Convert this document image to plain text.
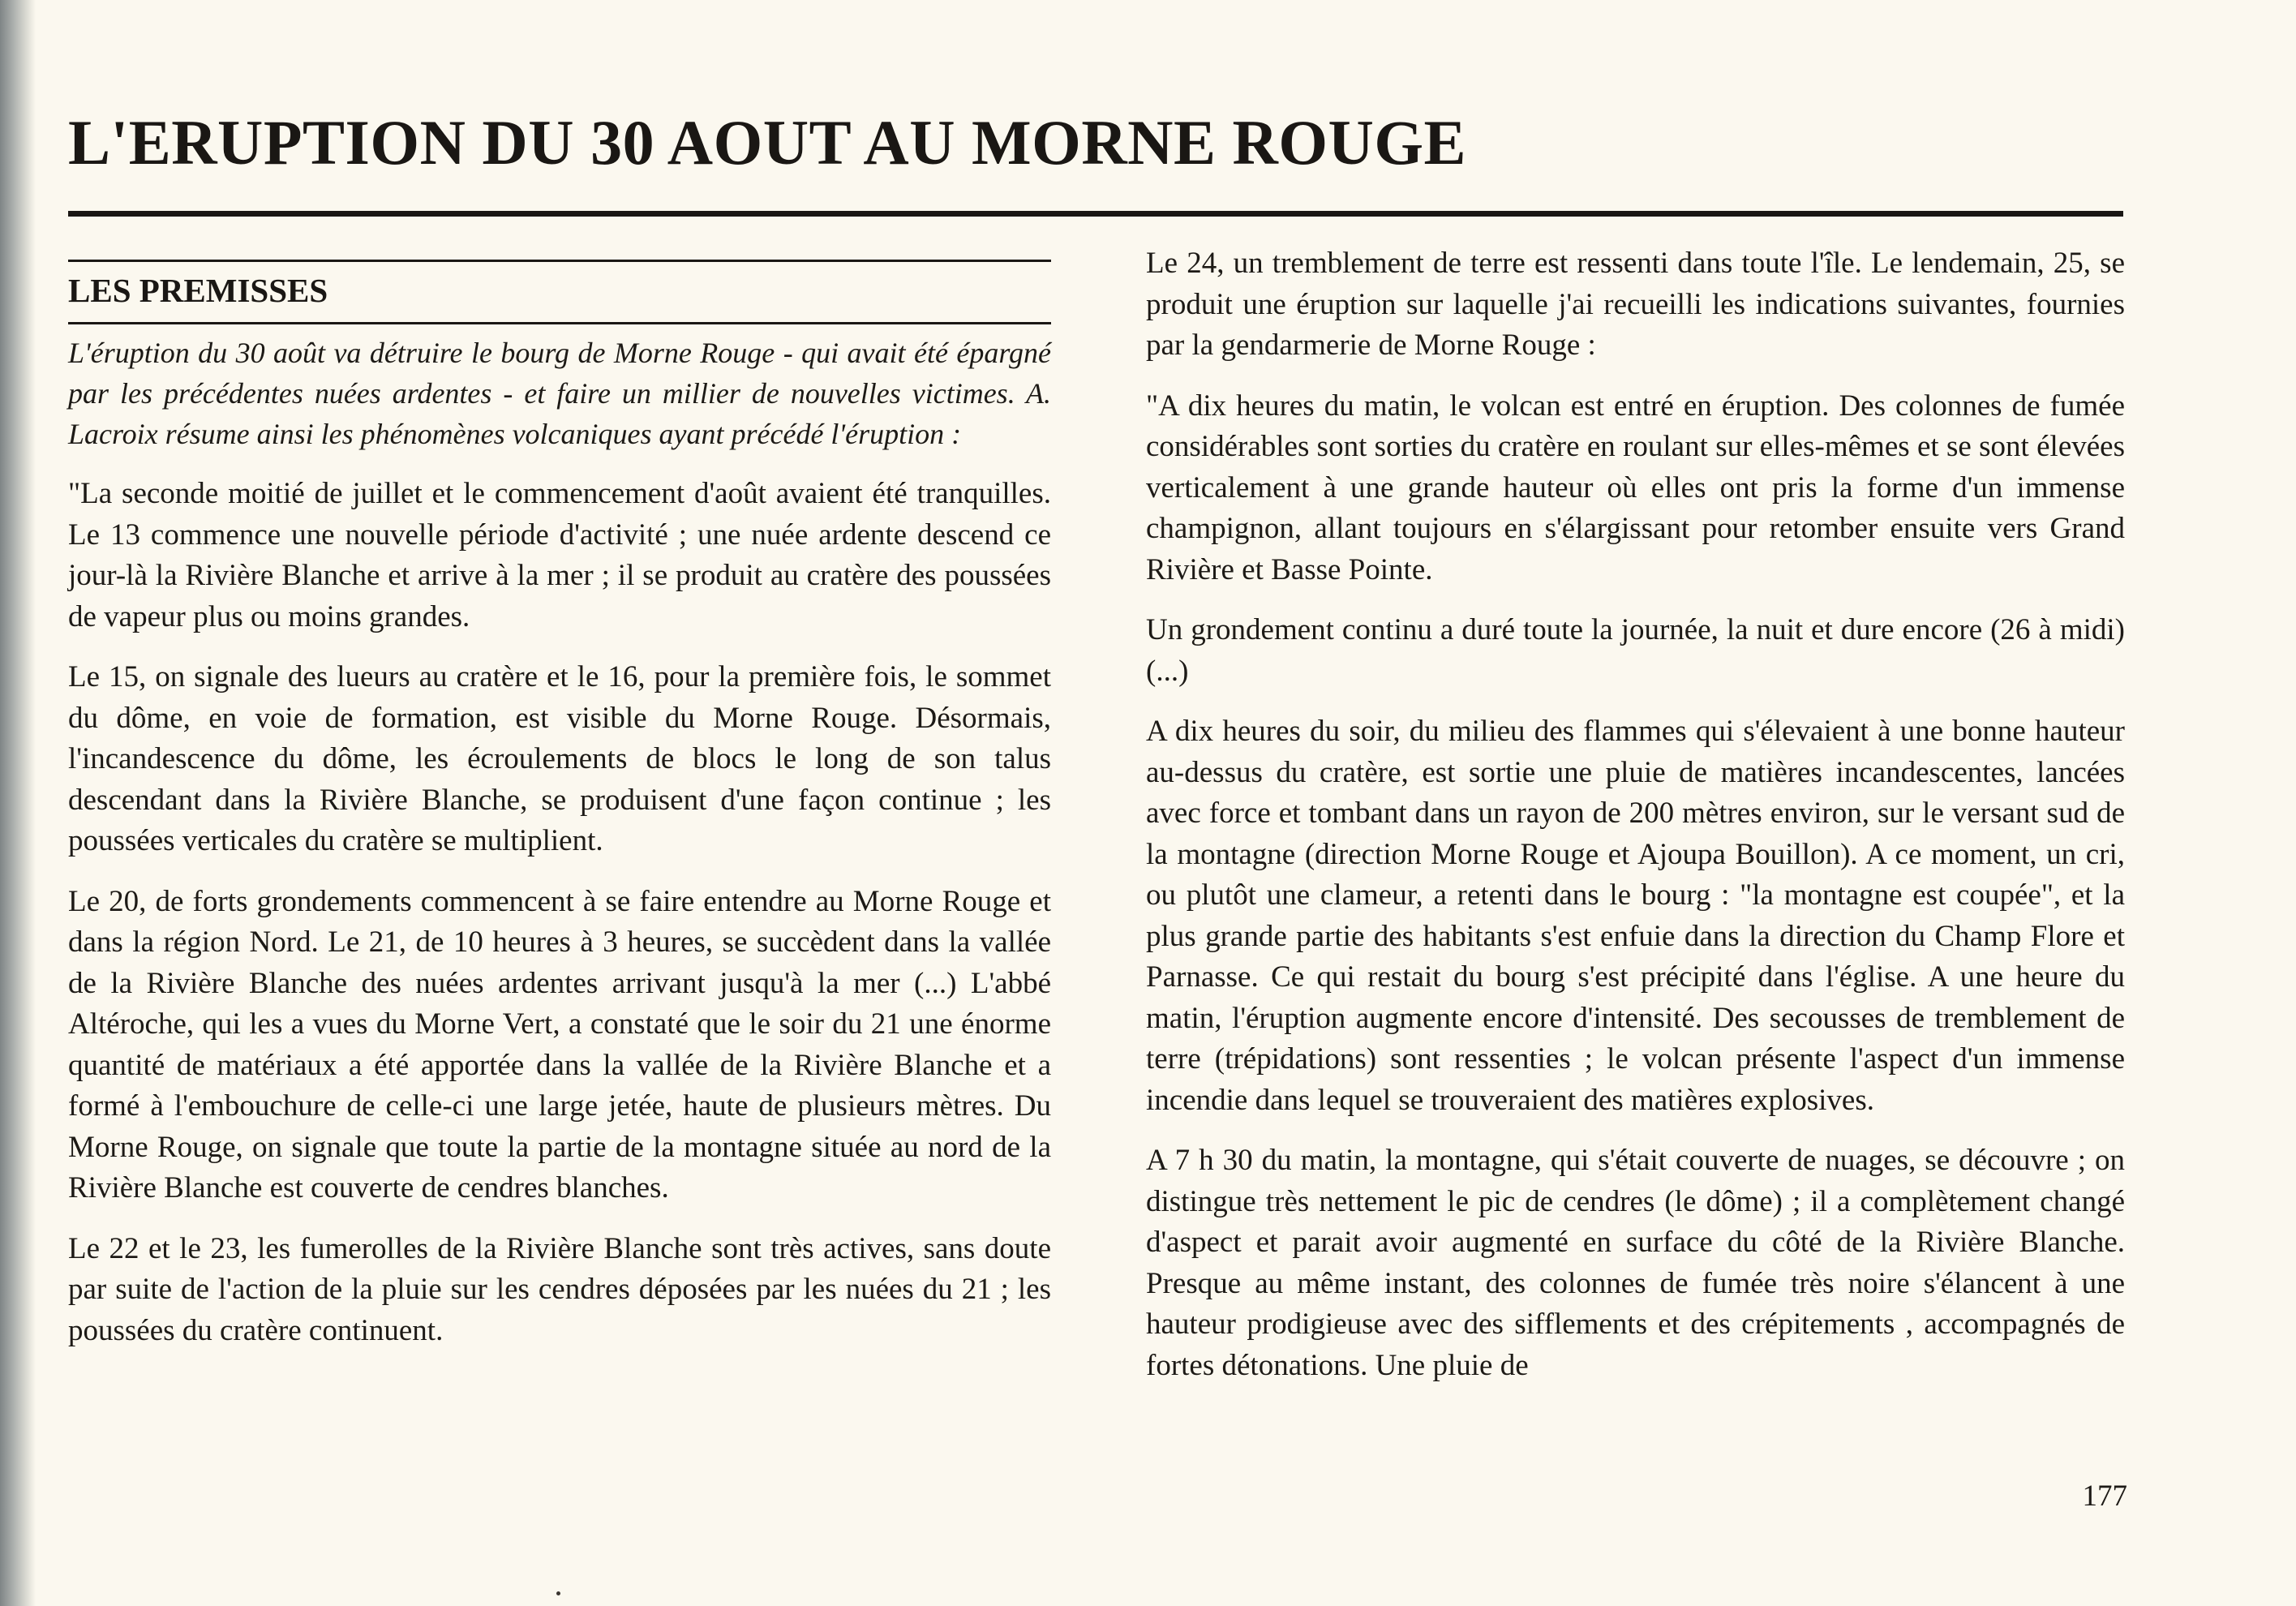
L'ERUPTION DU 30 AOUT AU MORNE ROUGE
LES PREMISSES

L'éruption du 30 août va détruire le bourg de Morne Rouge - qui avait été épargné par les précédentes nuées ardentes - et faire un millier de nouvelles victimes. A. Lacroix résume ainsi les phénomènes volcaniques ayant précédé l'éruption :

"La seconde moitié de juillet et le commencement d'août avaient été tranquilles. Le 13 commence une nouvelle période d'activité ; une nuée ardente descend ce jour-là la Rivière Blanche et arrive à la mer ; il se produit au cratère des poussées de vapeur plus ou moins grandes.

Le 15, on signale des lueurs au cratère et le 16, pour la première fois, le sommet du dôme, en voie de formation, est visible du Morne Rouge. Désormais, l'incandescence du dôme, les écroulements de blocs le long de son talus descendant dans la Rivière Blanche, se produisent d'une façon continue ; les poussées verticales du cratère se multiplient.

Le 20, de forts grondements commencent à se faire entendre au Morne Rouge et dans la région Nord. Le 21, de 10 heures à 3 heures, se succèdent dans la vallée de la Rivière Blanche des nuées ardentes arrivant jusqu'à la mer (...) L'abbé Altéroche, qui les a vues du Morne Vert, a constaté que le soir du 21 une énorme quantité de matériaux a été apportée dans la vallée de la Rivière Blanche et a formé à l'embouchure de celle-ci une large jetée, haute de plusieurs mètres. Du Morne Rouge, on signale que toute la partie de la montagne située au nord de la Rivière Blanche est couverte de cendres blanches.

Le 22 et le 23, les fumerolles de la Rivière Blanche sont très actives, sans doute par suite de l'action de la pluie sur les cendres déposées par les nuées du 21 ; les poussées du cratère continuent.

Le 24, un tremblement de terre est ressenti dans toute l'île. Le lendemain, 25, se produit une éruption sur laquelle j'ai recueilli les indications suivantes, fournies par la gendarmerie de Morne Rouge :

"A dix heures du matin, le volcan est entré en éruption. Des colonnes de fumée considérables sont sorties du cratère en roulant sur elles-mêmes et se sont élevées verticalement à une grande hauteur où elles ont pris la forme d'un immense champignon, allant toujours en s'élargissant pour retomber ensuite vers Grand Rivière et Basse Pointe.

Un grondement continu a duré toute la journée, la nuit et dure encore (26 à midi) (...)

A dix heures du soir, du milieu des flammes qui s'élevaient à une bonne hauteur au-dessus du cratère, est sortie une pluie de matières incandescentes, lancées avec force et tombant dans un rayon de 200 mètres environ, sur le versant sud de la montagne (direction Morne Rouge et Ajoupa Bouillon). A ce moment, un cri, ou plutôt une clameur, a retenti dans le bourg : "la montagne est coupée", et la plus grande partie des habitants s'est enfuie dans la direction du Champ Flore et Parnasse. Ce qui restait du bourg s'est précipité dans l'église. A une heure du matin, l'éruption augmente encore d'intensité. Des secousses de tremblement de terre (trépidations) sont ressenties ; le volcan présente l'aspect d'un immense incendie dans lequel se trouveraient des matières explosives.

A 7 h 30 du matin, la montagne, qui s'était couverte de nuages, se découvre ; on distingue très nettement le pic de cendres (le dôme) ; il a complètement changé d'aspect et parait avoir augmenté en surface du côté de la Rivière Blanche. Presque au même instant, des colonnes de fumée très noire s'élancent à une hauteur prodigieuse avec des sifflements et des crépitements , accompagnés de fortes détonations. Une pluie de

177
